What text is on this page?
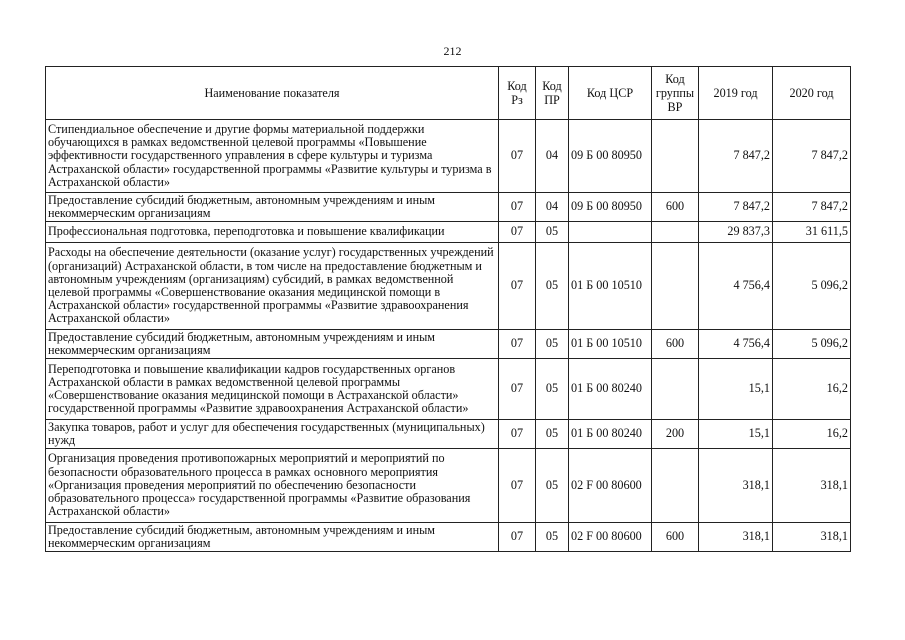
212
Наименование показателя	Код Рз	Код ПР	Код ЦСР	Код группы ВР	2019 год	2020 год
Стипендиальное обеспечение и другие формы материальной поддержки обучающихся в рамках ведомственной целевой программы «Повышение эффективности государственного управления в сфере культуры и туризма Астраханской области» государственной программы «Развитие культуры и туризма в Астраханской области»	07	04	09 Б 00 80950		7 847,2	7 847,2
Предоставление субсидий бюджетным, автономным учреждениям и иным некоммерческим организациям	07	04	09 Б 00 80950	600	7 847,2	7 847,2
Профессиональная подготовка, переподготовка и повышение квалификации	07	05			29 837,3	31 611,5
Расходы на обеспечение деятельности (оказание услуг) государственных учреждений (организаций) Астраханской области, в том числе на предоставление бюджетным и автономным учреждениям (организациям) субсидий, в рамках ведомственной целевой программы «Совершенствование оказания медицинской помощи в Астраханской области» государственной программы «Развитие здравоохранения Астраханской области»	07	05	01 Б 00 10510		4 756,4	5 096,2
Предоставление субсидий бюджетным, автономным учреждениям и иным некоммерческим организациям	07	05	01 Б 00 10510	600	4 756,4	5 096,2
Переподготовка и повышение квалификации кадров государственных органов Астраханской области в рамках ведомственной целевой программы «Совершенствование оказания медицинской помощи в Астраханской области» государственной программы «Развитие здравоохранения Астраханской области»	07	05	01 Б 00 80240		15,1	16,2
Закупка товаров, работ и услуг для обеспечения государственных (муниципальных) нужд	07	05	01 Б 00 80240	200	15,1	16,2
Организация проведения противопожарных мероприятий и мероприятий по безопасности образовательного процесса в рамках основного мероприятия «Организация проведения мероприятий по обеспечению безопасности образовательного процесса» государственной программы «Развитие образования Астраханской области»	07	05	02 F 00 80600		318,1	318,1
Предоставление субсидий бюджетным, автономным учреждениям и иным некоммерческим организациям	07	05	02 F 00 80600	600	318,1	318,1
